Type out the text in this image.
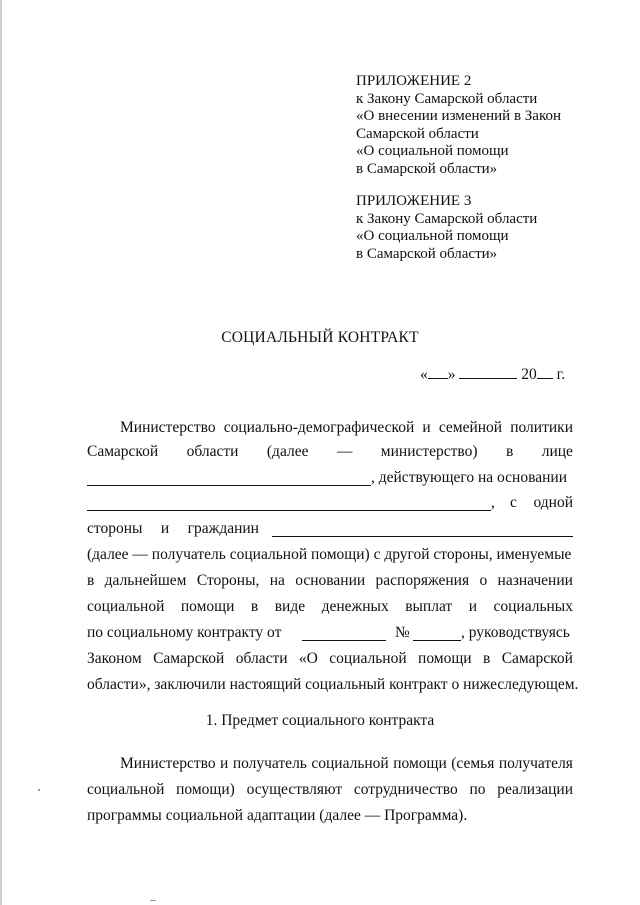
ПРИЛОЖЕНИЕ 2
к Закону Самарской области
«О внесении изменений в Закон
Самарской области
«О социальной помощи
в Самарской области»
ПРИЛОЖЕНИЕ 3
к Закону Самарской области
«О социальной помощи
в Самарской области»
СОЦИАЛЬНЫЙ КОНТРАКТ
« »	20 г.
Министерство социально-демографической и семейной политики
Самарской области (далее — министерство) в лице
, действующего на основании
, с одной
стороны и гражданин
(далее — получатель социальной помощи) с другой стороны, именуемые
в дальнейшем Стороны, на основании распоряжения о назначении
социальной помощи в виде денежных выплат и социальных
по социальному контракту от	№	, руководствуясь
Законом Самарской области «О социальной помощи в Самарской
области», заключили настоящий социальный контракт о нижеследующем.
1. Предмет социального контракта
Министерство и получатель социальной помощи (семья получателя
социальной помощи) осуществляют сотрудничество по реализации
программы социальной адаптации (далее — Программа).
